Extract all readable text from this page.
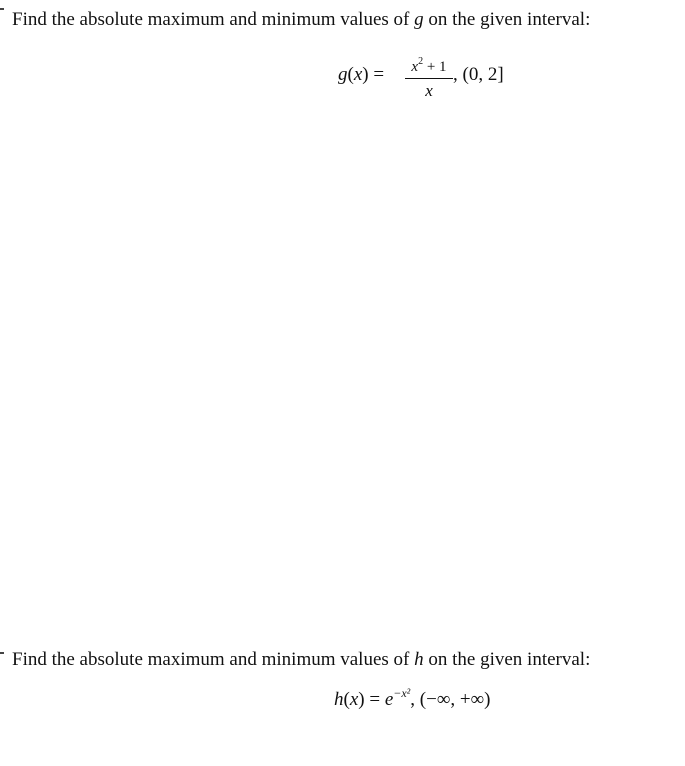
Find the absolute maximum and minimum values of g on the given interval:
g(x) =	$x^2 + 1$
x
, (0, 2]
Find the absolute maximum and minimum values of h on the given interval:
$h(x) = e^{-x^2}$, (−∞, +∞)
